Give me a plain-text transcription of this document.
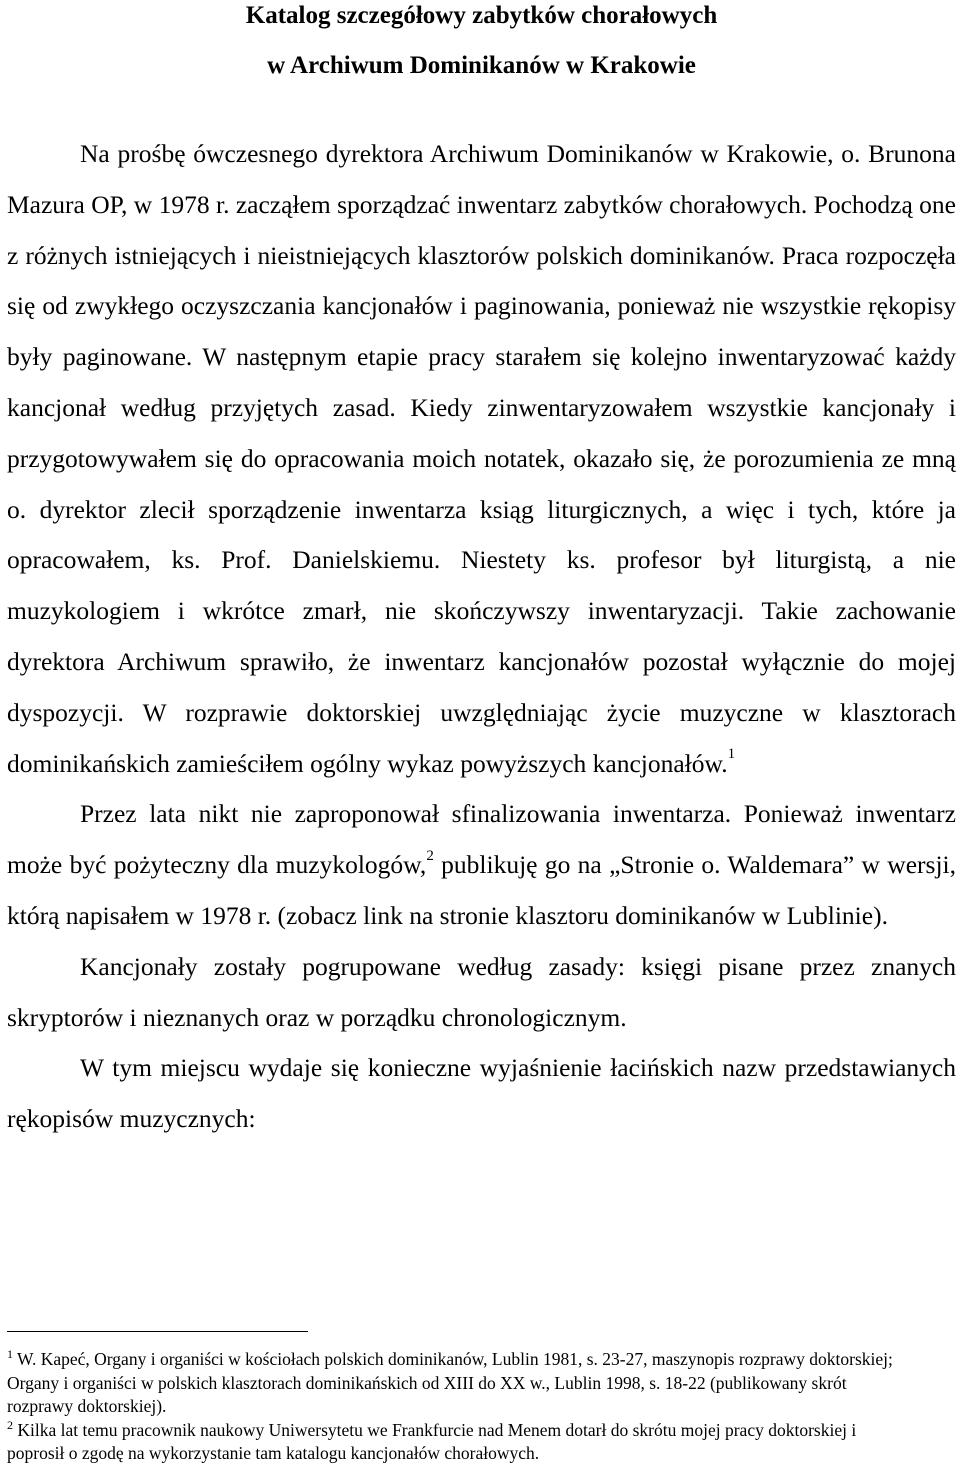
Katalog szczegółowy zabytków chorałowych
w Archiwum Dominikanów w Krakowie

Na prośbę ówczesnego dyrektora Archiwum Dominikanów w Krakowie, o. Brunona Mazura OP, w 1978 r. zacząłem sporządzać inwentarz zabytków chorałowych. Pochodzą one z różnych istniejących i nieistniejących klasztorów polskich dominikanów. Praca rozpoczęła się od zwykłego oczyszczania kancjonałów i paginowania, ponieważ nie wszystkie rękopisy były paginowane. W następnym etapie pracy starałem się kolejno inwentaryzować każdy kancjonał według przyjętych zasad. Kiedy zinwentaryzowałem wszystkie kancjonały i przygotowywałem się do opracowania moich notatek, okazało się, że porozumienia ze mną o. dyrektor zlecił sporządzenie inwentarza ksiąg liturgicznych, a więc i tych, które ja opracowałem, ks. Prof. Danielskiemu. Niestety ks. profesor był liturgistą, a nie muzykologiem i wkrótce zmarł, nie skończywszy inwentaryzacji. Takie zachowanie dyrektora Archiwum sprawiło, że inwentarz kancjonałów pozostał wyłącznie do mojej dyspozycji. W rozprawie doktorskiej uwzględniając życie muzyczne w klasztorach dominikańskich zamieściłem ogólny wykaz powyższych kancjonałów.$^1$

Przez lata nikt nie zaproponował sfinalizowania inwentarza. Ponieważ inwentarz może być pożyteczny dla muzykologów,$^2$ publikuję go na „Stronie o. Waldemara” w wersji, którą napisałem w 1978 r. (zobacz link na stronie klasztoru dominikanów w Lublinie).

Kancjonały zostały pogrupowane według zasady: księgi pisane przez znanych skryptorów i nieznanych oraz w porządku chronologicznym.

W tym miejscu wydaje się konieczne wyjaśnienie łacińskich nazw przedstawianych rękopisów muzycznych:

$^1$ W. Kapeć, Organy i organiści w kościołach polskich dominikanów, Lublin 1981, s. 23-27, maszynopis rozprawy doktorskiej; Organy i organiści w polskich klasztorach dominikańskich od XIII do XX w., Lublin 1998, s. 18-22 (publikowany skrót rozprawy doktorskiej).

$^2$ Kilka lat temu pracownik naukowy Uniwersytetu we Frankfurcie nad Menem dotarł do skrótu mojej pracy doktorskiej i poprosił o zgodę na wykorzystanie tam katalogu kancjonałów chorałowych.
